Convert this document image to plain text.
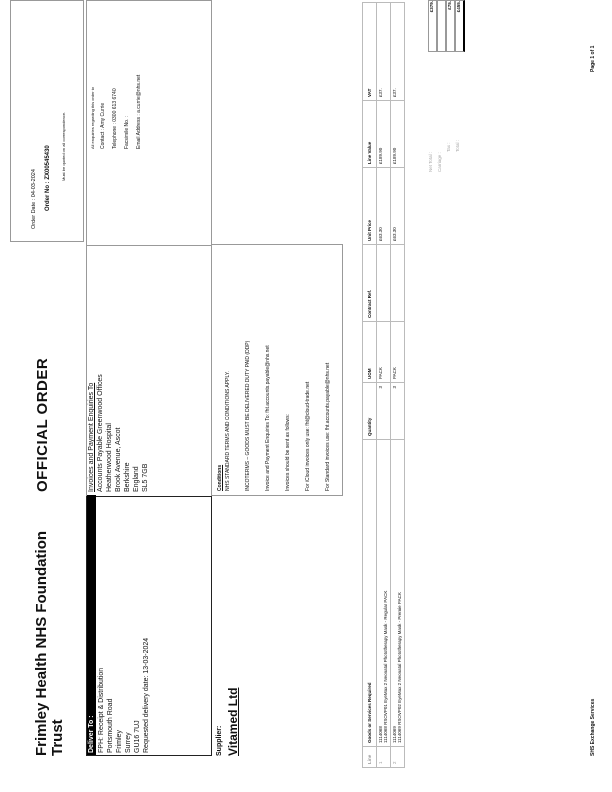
Frimley Health NHS Foundation Trust
OFFICIAL ORDER
Order Date : 04-03-2024 Order No : ZX00545430	Must be quoted on all correspondence.
Deliver To : FPH: Receipt & Distribution Portsmouth Road Frimley Surrey GU16 7UJ Requested delivery date: 13-03-2024
Invoices and Payment Enquiries To Accounts Payable Greenwood Offices Heatherwood Hospital Brook Avenue, Ascot Berkshire England SL5 7GB
All enquiries regarding this order to	Contact : Amy Currie	Telephone : 0300 613 6740	Facsimile No. :	Email Address : a.currie@nhs.net
Supplier: Vitamed Ltd
Conditions NHS STANDARD TERMS AND CONDITIONS APPLY.	INCOTERMS – GOODS MUST BE DELIVERED DUTY PAID (DDP)	Invoice and Payment Enquiries To: fht.accounts.payable@nhs.net	Invoices should be sent as follows:	For iCloud invoices only use: fht@cloud-trade.net	For Standard invoices use: fht.accounts.payable@nhs.net
Line	Goods or Services Required	Quantity	UOM	Contract Ref.	Unit Price	Line Value	VAT
1	1114068 1114068 RSOVP01 EyeMax 2 Neonatal Phototherapy Mask - Regular PACK	3	PACK		£63.30	£189.90	£37.
2	1114069 1114069 RSOVP02 EyeMax 2 Neonatal Phototherapy Mask - Premie PACK	3	PACK		£63.30	£189.90	£37.
Net Total :
£379.
Carriage :
Tax :
£75.
Total :
£455.
SHS Exchange Services
Page 1 of 1
